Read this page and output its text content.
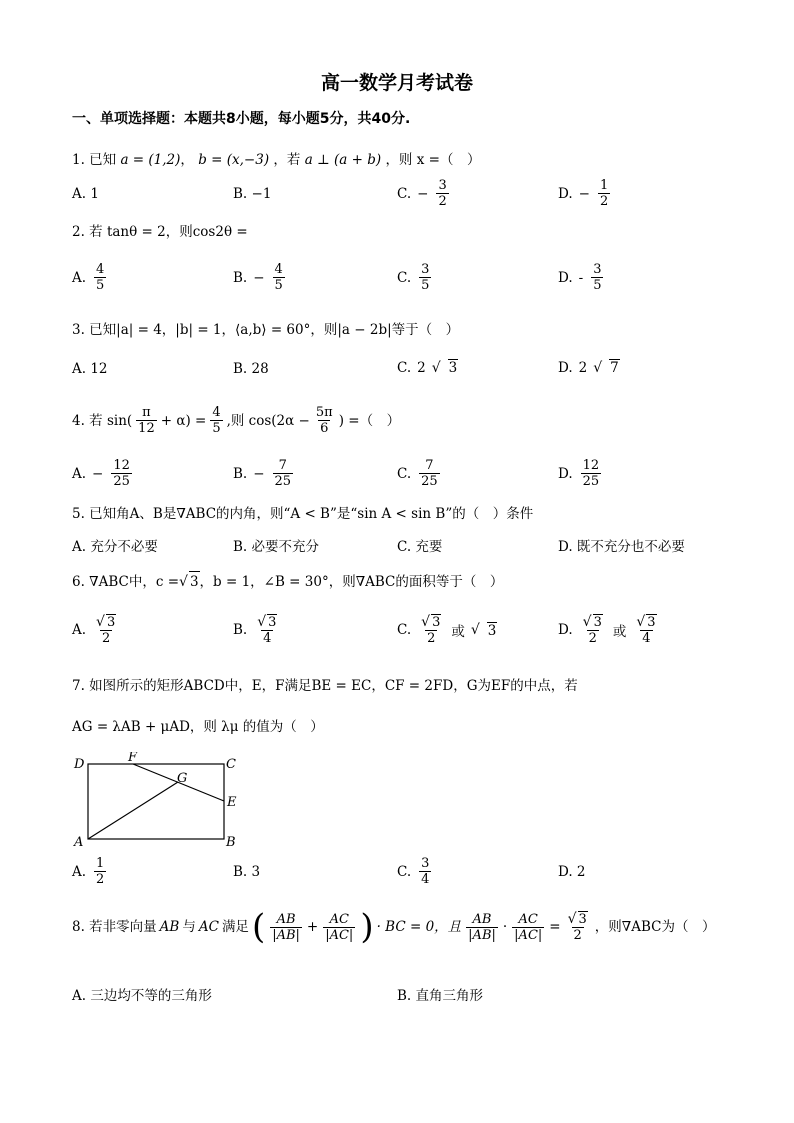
高一数学月考试卷
一、单项选择题：本题共8小题，每小题5分，共40分.
1. 已知 a = (1,2)， b = (x,−3) ，若 a ⊥ (a + b) ，则 x =（　）
A. 1	B. −1	C. − $\frac{3}{2}$	D. − $\frac{1}{2}$
2. 若 tanθ = 2，则cos2θ =
A. $\frac{4}{5}$	B. − $\frac{4}{5}$	C. $\frac{3}{5}$	D. - $\frac{3}{5}$
3. 已知|a| = 4，|b| = 1，⟨a,b⟩ = 60°，则|a − 2b|等于（　）
A. 12	B. 28	C. 2 √ 3	D. 2 √ 7
4. 若 $\sin( \frac{\pi}{12} + \alpha) = \frac{4}{5}$ ,则 $\cos(2\alpha - \frac{5\pi}{6}$ ) =（　）
A. − $\frac{12}{25}$	B. − $\frac{7}{25}$	C. $\frac{7}{25}$	D. $\frac{12}{25}$
5. 已知角A、B是∇ABC的内角，则“A < B”是“sin A < sin B”的（　）条件
A. 充分不必要	B. 必要不充分	C. 充要	D. 既不充分也不必要
6. ∇ABC中，c =√ 3，b = 1，∠B = 30°，则∇ABC的面积等于（　）
A. $\frac{√ 3}{2}$	B. $\frac{√ 3}{4}$	C. $\frac{√ 3}{2}$ 或 √ 3	D. $\frac{√ 3}{2}$ 或 $\frac{√ 3}{4}$
7. 如图所示的矩形ABCD中，E，F满足BE = EC，CF = 2FD，G为EF的中点，若
AG = λAB + μAD，则 λμ 的值为（　）
D	F	C
G
E
A	B
A. $\frac{1}{2}$	B. 3	C. $\frac{3}{4}$	D. 2
8. 若非零向量 AB 与 AC 满足 ( $\frac{AB}{|AB|} + \frac{AC}{|AC|}$ ) · BC = 0，且 $\frac{AB}{|AB|} \cdot \frac{AC}{|AC|} = \frac{√ 3}{2}$ ，则∇ABC为（　）
A. 三边均不等的三角形	B. 直角三角形
